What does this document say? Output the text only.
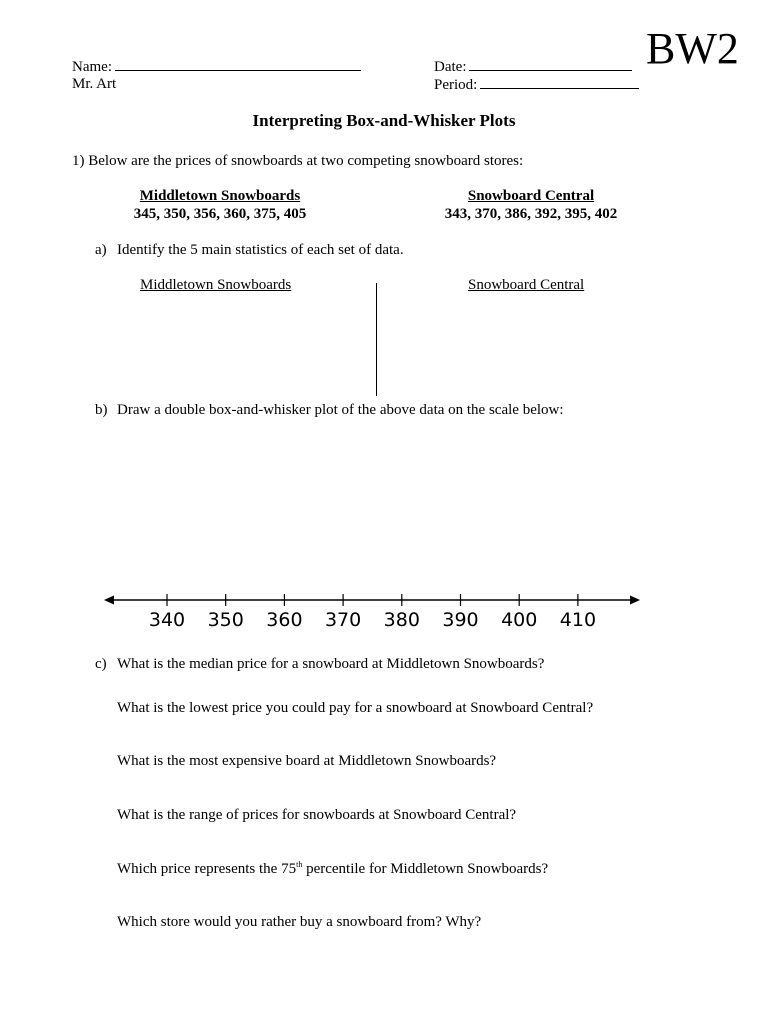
Name:
Mr. Art
Date:
Period:
BW2
Interpreting Box-and-Whisker Plots
1) Below are the prices of snowboards at two competing snowboard stores:
Middletown Snowboards
345, 350, 356, 360, 375, 405
Snowboard Central
343, 370, 386, 392, 395, 402
a) Identify the 5 main statistics of each set of data.
Middletown Snowboards	Snowboard Central
b) Draw a double box-and-whisker plot of the above data on the scale below:
340 350 360 370 380 390 400 410
c) What is the median price for a snowboard at Middletown Snowboards?
What is the lowest price you could pay for a snowboard at Snowboard Central?
What is the most expensive board at Middletown Snowboards?
What is the range of prices for snowboards at Snowboard Central?
Which price represents the 75th percentile for Middletown Snowboards?
Which store would you rather buy a snowboard from? Why?
